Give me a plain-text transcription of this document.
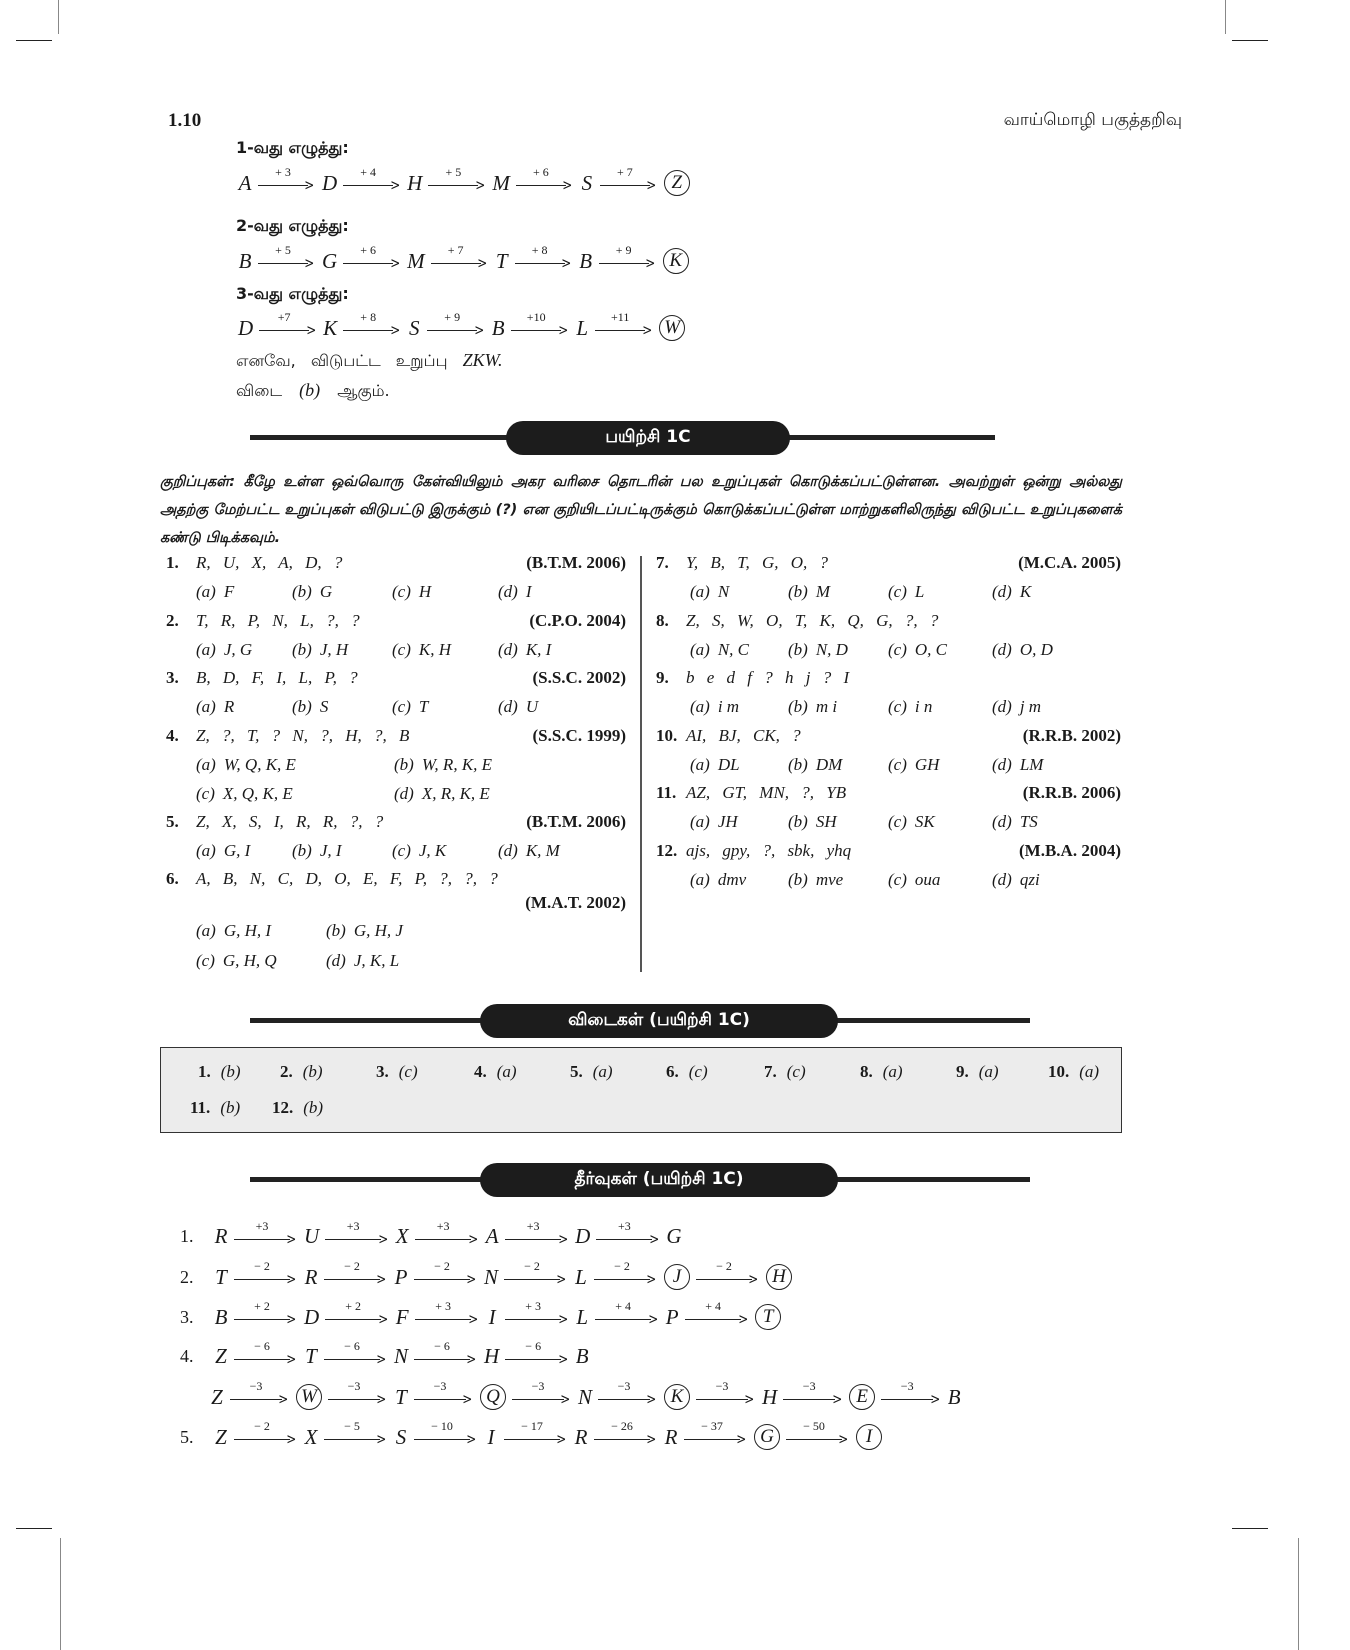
1.10	வாய்மொழி பகுத்தறிவு
1-வது எழுத்து:
A	>
+ 3	D	>
+ 4	H	>
+ 5	M	>
+ 6	S	>
+ 7	Z
2-வது எழுத்து:
B	>
+ 5	G	>
+ 6	M	>
+ 7	T	>
+ 8	B	>
+ 9	K
3-வது எழுத்து:
D	>
+7	K	>
+ 8	S	>
+ 9	B	>
+10	L	>
+11	W
எனவே, விடுபட்ட உறுப்பு ZKW.
விடை (b) ஆகும்.
பயிற்சி 1C
குறிப்புகள்: கீழே உள்ள ஒவ்வொரு கேள்வியிலும் அகர வரிசை தொடரின் பல உறுப்புகள் கொடுக்கப்பட்டுள்ளன. அவற்றுள் ஒன்று அல்லது அதற்கு மேற்பட்ட உறுப்புகள் விடுபட்டு இருக்கும் (?) என குறியிடப்பட்டிருக்கும் கொடுக்கப்பட்டுள்ள மாற்றுகளிலிருந்து விடுபட்ட உறுப்புகளைக் கண்டு பிடிக்கவும்.
1. R, U, X, A, D, ?	(B.T.M. 2006)
(a) F	(b) G	(c) H	(d) I
2. T, R, P, N, L, ?, ?	(C.P.O. 2004)
(a) J, G (b) J, H	(c) K, H	(d) K, I
3. B, D, F, I, L, P, ?	(S.S.C. 2002)
(a) R	(b) S	(c) T	(d) U
4. Z, ?, T, ? N, ?, H, ?, B	(S.S.C. 1999)
(a) W, Q, K, E	(b) W, R, K, E
(c) X, Q, K, E	(d) X, R, K, E
5. Z, X, S, I, R, R, ?, ?	(B.T.M. 2006)
(a) G, I (b) J, I	(c) J, K	(d) K, M
6. A, B, N, C, D, O, E, F, P, ?, ?, ?
(M.A.T. 2002)
(a) G, H, I	(b) G, H, J
(c) G, H, Q	(d) J, K, L
7. Y, B, T, G, O, ?	(M.C.A. 2005)
(a) N	(b) M	(c) L	(d) K
8. Z, S, W, O, T, K, Q, G, ?, ?
(a) N, C (b) N, D (c) O, C	(d) O, D
9. b e d f ? h j ? I
(a) i m	(b) m i	(c) i n	(d) j m
10. AI, BJ, CK, ?	(R.R.B. 2002)
(a) DL	(b) DM	(c) GH	(d) LM
11. AZ, GT, MN, ?, YB	(R.R.B. 2006)
(a) JH	(b) SH	(c) SK	(d) TS
12. ajs, gpy, ?, sbk, yhq	(M.B.A. 2004)
(a) dmv (b) mve	(c) oua	(d) qzi
விடைகள் (பயிற்சி 1C)
1. (b) 2. (b)	3. (c)	4. (a)	5. (a)	6. (c)	7. (c)	8. (a)	9. (a)	10. (a)
11. (b) 12. (b)
தீர்வுகள் (பயிற்சி 1C)
1.	R	>
+3	U	>
+3	X	>
+3	A	>
+3	D	>
+3	G
2.	T	>
− 2	R	>
− 2	P	>
− 2	N	>
− 2	L	>
− 2	J	>
− 2	H
3.	B	>
+ 2	D	>
+ 2	F	>
+ 3	I	>
+ 3	L	>
+ 4	P	>
+ 4	T
4.	Z	>
− 6	T	>
− 6	N	>
− 6	H	>
− 6	B
Z	>
−3	W	>
−3	T	>
−3	Q	>
−3	N	>
−3	K	>
−3	H	>
−3	E	>
−3	B
5.	Z	>
− 2	X	>
− 5	S	>
− 10	I	>
− 17	R	>
− 26	R	>
− 37	G	>
− 50	I
